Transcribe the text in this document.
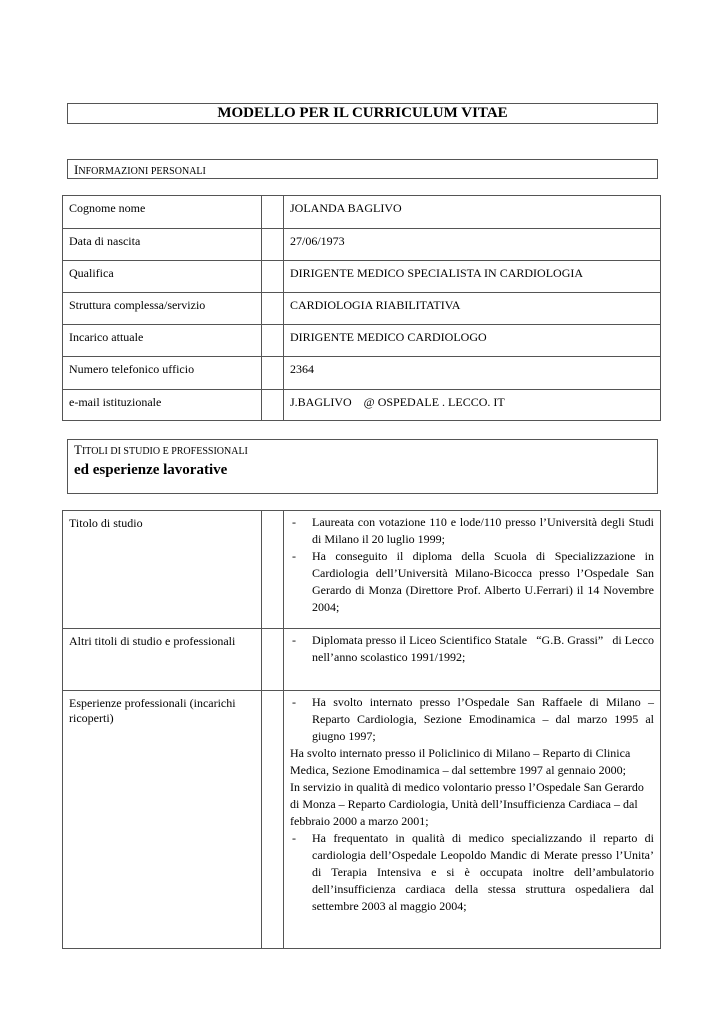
MODELLO PER IL CURRICULUM VITAE
INFORMAZIONI PERSONALI
Cognome nome		JOLANDA BAGLIVO
Data di nascita		27/06/1973
Qualifica		DIRIGENTE MEDICO SPECIALISTA IN CARDIOLOGIA
Struttura complessa/servizio		CARDIOLOGIA RIABILITATIVA
Incarico attuale		DIRIGENTE MEDICO CARDIOLOGO
Numero telefonico ufficio		2364
e-mail istituzionale		J.BAGLIVO    @ OSPEDALE . LECCO. IT
TITOLI DI STUDIO E PROFESSIONALI
ed esperienze lavorative
Titolo di studio		- Laureata con votazione 110 e lode/110 presso l’Università degli Studi di Milano il 20 luglio 1999;
- Ha conseguito il diploma della Scuola di Specializzazione in Cardiologia dell’Università Milano-Bicocca presso l’Ospedale San Gerardo di Monza (Direttore Prof. Alberto U.Ferrari) il 14 Novembre 2004;

Altri titoli di studio e professionali		- Diplomata presso il Liceo Scientifico Statale   “G.B. Grassi”   di Lecco nell’anno scolastico 1991/1992;

Esperienze professionali (incarichi ricoperti)		- Ha svolto internato presso l’Ospedale San Raffaele di Milano – Reparto Cardiologia, Sezione Emodinamica – dal marzo 1995 al giugno 1997;
Ha svolto internato presso il Policlinico di Milano – Reparto di Clinica Medica, Sezione Emodinamica – dal settembre 1997 al gennaio 2000;
In servizio in qualità di medico volontario presso l’Ospedale San Gerardo di Monza – Reparto Cardiologia, Unità dell’Insufficienza Cardiaca – dal febbraio 2000 a marzo 2001;
- Ha frequentato in qualità di medico specializzando il reparto di cardiologia dell’Ospedale Leopoldo Mandic di Merate presso l’Unita’ di Terapia Intensiva e si è occupata inoltre dell’ambulatorio dell’insufficienza cardiaca della stessa struttura ospedaliera dal settembre 2003 al maggio 2004;
